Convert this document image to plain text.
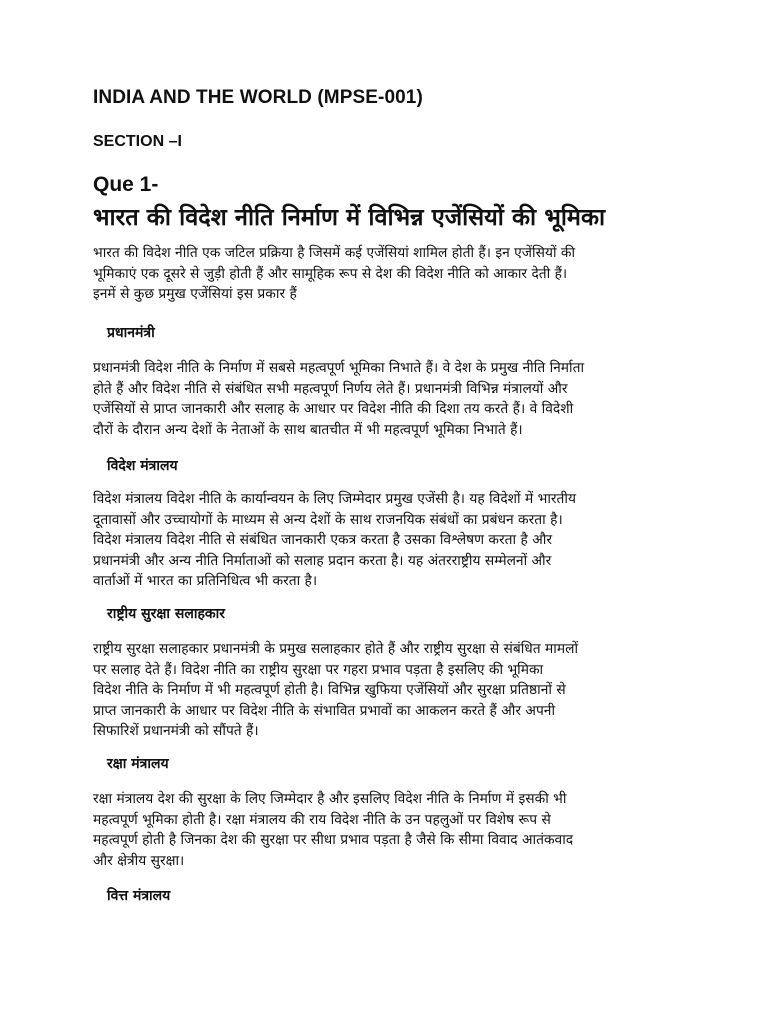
INDIA AND THE WORLD (MPSE-001)
SECTION –I
Que 1-
भारत की विदेश नीति निर्माण में विभिन्न एजेंसियों की भूमिका

भारत की विदेश नीति एक जटिल प्रक्रिया है जिसमें कई एजेंसियां शामिल होती हैं। इन एजेंसियों की
भूमिकाएं एक दूसरे से जुड़ी होती हैं और सामूहिक रूप से देश की विदेश नीति को आकार देती हैं।
इनमें से कुछ प्रमुख एजेंसियां इस प्रकार हैं

प्रधानमंत्री

प्रधानमंत्री विदेश नीति के निर्माण में सबसे महत्वपूर्ण भूमिका निभाते हैं। वे देश के प्रमुख नीति निर्माता
होते हैं और विदेश नीति से संबंधित सभी महत्वपूर्ण निर्णय लेते हैं। प्रधानमंत्री विभिन्न मंत्रालयों और
एजेंसियों से प्राप्त जानकारी और सलाह के आधार पर विदेश नीति की दिशा तय करते हैं। वे विदेशी
दौरों के दौरान अन्य देशों के नेताओं के साथ बातचीत में भी महत्वपूर्ण भूमिका निभाते हैं।

विदेश मंत्रालय

विदेश मंत्रालय विदेश नीति के कार्यान्वयन के लिए जिम्मेदार प्रमुख एजेंसी है। यह विदेशों में भारतीय
दूतावासों और उच्चायोगों के माध्यम से अन्य देशों के साथ राजनयिक संबंधों का प्रबंधन करता है।
विदेश मंत्रालय विदेश नीति से संबंधित जानकारी एकत्र करता है उसका विश्लेषण करता है और
प्रधानमंत्री और अन्य नीति निर्माताओं को सलाह प्रदान करता है। यह अंतरराष्ट्रीय सम्मेलनों और
वार्ताओं में भारत का प्रतिनिधित्व भी करता है।

राष्ट्रीय सुरक्षा सलाहकार

राष्ट्रीय सुरक्षा सलाहकार प्रधानमंत्री के प्रमुख सलाहकार होते हैं और राष्ट्रीय सुरक्षा से संबंधित मामलों
पर सलाह देते हैं। विदेश नीति का राष्ट्रीय सुरक्षा पर गहरा प्रभाव पड़ता है इसलिए की भूमिका
विदेश नीति के निर्माण में भी महत्वपूर्ण होती है। विभिन्न खुफिया एजेंसियों और सुरक्षा प्रतिष्ठानों से
प्राप्त जानकारी के आधार पर विदेश नीति के संभावित प्रभावों का आकलन करते हैं और अपनी
सिफारिशें प्रधानमंत्री को सौंपते हैं।

रक्षा मंत्रालय

रक्षा मंत्रालय देश की सुरक्षा के लिए जिम्मेदार है और इसलिए विदेश नीति के निर्माण में इसकी भी
महत्वपूर्ण भूमिका होती है। रक्षा मंत्रालय की राय विदेश नीति के उन पहलुओं पर विशेष रूप से
महत्वपूर्ण होती है जिनका देश की सुरक्षा पर सीधा प्रभाव पड़ता है जैसे कि सीमा विवाद आतंकवाद
और क्षेत्रीय सुरक्षा।

वित्त मंत्रालय
